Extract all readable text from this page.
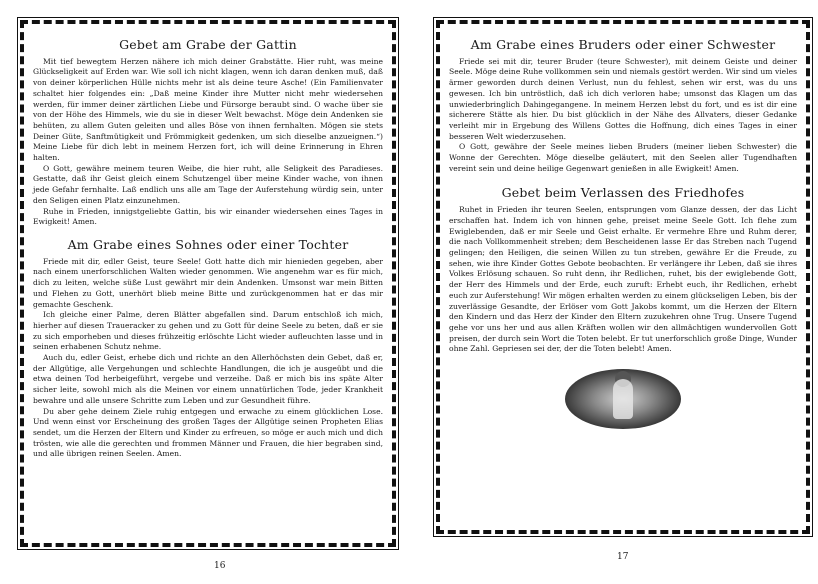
Gebet am Grabe der Gattin

Mit tief bewegtem Herzen nähere ich mich deiner Grabstätte. Hier ruht, was meine Glückseligkeit auf Erden war. Wie soll ich nicht klagen, wenn ich daran denken muß, daß von deiner körperlichen Hülle nichts mehr ist als deine teure Asche! (Ein Familienvater schaltet hier folgendes ein: „Daß meine Kinder ihre Mutter nicht mehr wiedersehen werden, für immer deiner zärtlichen Liebe und Fürsorge beraubt sind. O wache über sie von der Höhe des Himmels, wie du sie in dieser Welt bewachst. Möge dein Andenken sie behüten, zu allem Guten geleiten und alles Böse von ihnen fernhalten. Mögen sie stets Deiner Güte, Sanftmütigkeit und Frömmigkeit gedenken, um sich dieselbe anzueignen.“) Meine Liebe für dich lebt in meinem Herzen fort, ich will deine Erinnerung in Ehren halten.

O Gott, gewähre meinem teuren Weibe, die hier ruht, alle Seligkeit des Paradieses. Gestatte, daß ihr Geist gleich einem Schutzengel über meine Kinder wache, von ihnen jede Gefahr fernhalte. Laß endlich uns alle am Tage der Auferstehung würdig sein, unter den Seligen einen Platz einzunehmen.

Ruhe in Frieden, innigstgeliebte Gattin, bis wir einander wiedersehen eines Tages in Ewigkeit! Amen.

Am Grabe eines Sohnes oder einer Tochter

Friede mit dir, edler Geist, teure Seele! Gott hatte dich mir hienieden gegeben, aber nach einem unerforschlichen Walten wieder genommen. Wie angenehm war es für mich, dich zu leiten, welche süße Lust gewährt mir dein Andenken. Umsonst war mein Bitten und Flehen zu Gott, unerhört blieb meine Bitte und zurückgenommen hat er das mir gemachte Geschenk.

Ich gleiche einer Palme, deren Blätter abgefallen sind. Darum entschloß ich mich, hierher auf diesen Traueracker zu gehen und zu Gott für deine Seele zu beten, daß er sie zu sich emporheben und dieses frühzeitig erlöschte Licht wieder aufleuchten lasse und in seinen erhabenen Schutz nehme.

Auch du, edler Geist, erhebe dich und richte an den Allerhöchsten dein Gebet, daß er, der Allgütige, alle Vergehungen und schlechte Handlungen, die ich je ausgeübt und die etwa deinen Tod herbeigeführt, vergebe und verzeihe. Daß er mich bis ins späte Alter sicher leite, sowohl mich als die Meinen vor einem unnatürlichen Tode, jeder Krankheit bewahre und alle unsere Schritte zum Leben und zur Gesundheit führe.

Du aber gehe deinem Ziele ruhig entgegen und erwache zu einem glücklichen Lose. Und wenn einst vor Erscheinung des großen Tages der Allgütige seinen Propheten Elias sendet, um die Herzen der Eltern und Kinder zu erfreuen, so möge er auch mich und dich trösten, wie alle die gerechten und frommen Männer und Frauen, die hier begraben sind, und alle übrigen reinen Seelen. Amen.

16
Am Grabe eines Bruders oder einer Schwester

Friede sei mit dir, teurer Bruder (teure Schwester), mit deinem Geiste und deiner Seele. Möge deine Ruhe vollkommen sein und niemals gestört werden. Wir sind um vieles ärmer geworden durch deinen Verlust, nun du fehlest, sehen wir erst, was du uns gewesen. Ich bin untröstlich, daß ich dich verloren habe; umsonst das Klagen um das unwiederbringlich Dahingegangene. In meinem Herzen lebst du fort, und es ist dir eine sicherere Stätte als hier. Du bist glücklich in der Nähe des Allvaters, dieser Gedanke verleiht mir in Ergebung des Willens Gottes die Hoffnung, dich eines Tages in einer besseren Welt wiederzusehen.

O Gott, gewähre der Seele meines lieben Bruders (meiner lieben Schwester) die Wonne der Gerechten. Möge dieselbe geläutert, mit den Seelen aller Tugendhaften vereint sein und deine heilige Gegenwart genießen in alle Ewigkeit! Amen.

Gebet beim Verlassen des Friedhofes

Ruhet in Frieden ihr teuren Seelen, entsprungen vom Glanze dessen, der das Licht erschaffen hat. Indem ich von hinnen gehe, preiset meine Seele Gott. Ich flehe zum Ewiglebenden, daß er mir Seele und Geist erhalte. Er vermehre Ehre und Ruhm derer, die nach Vollkommenheit streben; dem Bescheidenen lasse Er das Streben nach Tugend gelingen; den Heiligen, die seinen Willen zu tun streben, gewähre Er die Freude, zu sehen, wie ihre Kinder Gottes Gebote beobachten. Er verlängere ihr Leben, daß sie ihres Volkes Erlösung schauen. So ruht denn, ihr Redlichen, ruhet, bis der ewiglebende Gott, der Herr des Himmels und der Erde, euch zuruft: Erhebt euch, ihr Redlichen, erhebt euch zur Auferstehung! Wir mögen erhalten werden zu einem glückseligen Leben, bis der zuverlässige Gesandte, der Erlöser vom Gott Jakobs kommt, um die Herzen der Eltern den Kindern und das Herz der Kinder den Eltern zuzukehren ohne Trug. Unsere Tugend gehe vor uns her und aus allen Kräften wollen wir den allmächtigen wundervollen Gott preisen, der durch sein Wort die Toten belebt. Er tut unerforschlich große Dinge, Wunder ohne Zahl. Gepriesen sei der, der die Toten belebt! Amen.

17
